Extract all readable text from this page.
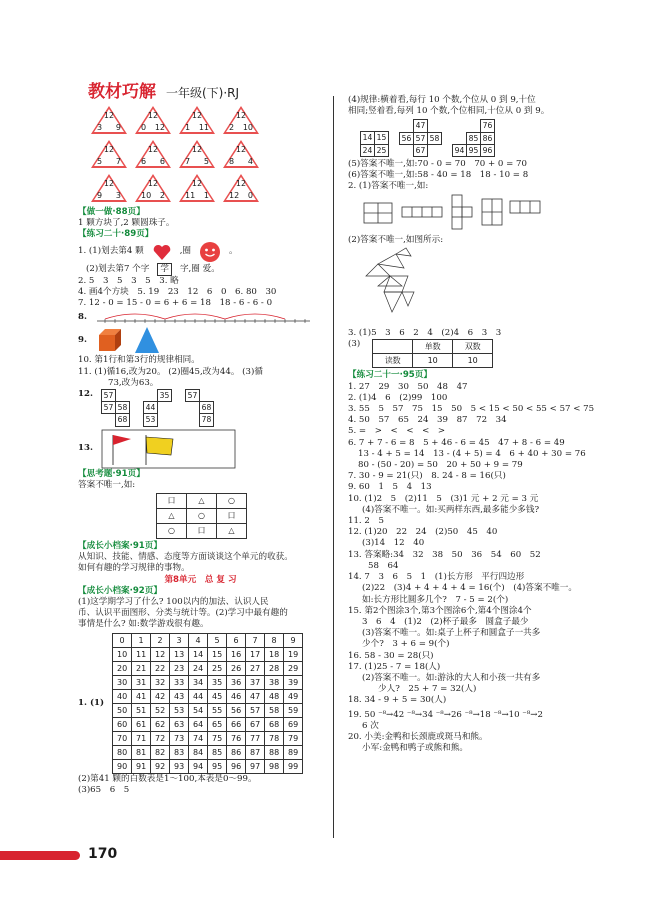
教材巧解 一年级(下)·RJ
12
3 9
12
0 12
12
1 11
12
2 10
12
5 7
12
6 6
12
7 5
12
8 4
12
9 3
12
10 2
12
11 1
12
12 0
【做一做·88页】
1 颗方块了,2 颗圆珠子。
【练习二十·89页】
1. (1)划去第4 颗	,圈	。
(2)划去第7 个字	学	字,圈 爱。
2. 5　3　5　3　5　3. 略
4. 画4个方块　5. 19　23　12　6　0　6. 80　30
7. 12 - 0 = 15 - 0 = 6 + 6 = 18　18 - 6 - 6 - 0
8.
9.
10. 第1行和第3行的规律相同。
11. (1)循16,改为20。 (2)圈45,改为44。 (3)循
73,改为63。
12. 57				35		57	
57	58		44				68
	68		53				78
13.
【思考题·91页】
答案不唯一,如:
口	△	○
△	○	口
○	口	△
【成长小档案·91页】
从知识、技能、情感、态度等方面谈谈这个单元的收获。
如何有趣的学习规律的事物。
第8单元　总 复 习
【成长小档案·92页】
(1)这学期学习了什么? 100以内的加法、认识人民
币、认识平面图形、分类与统计等。(2)学习中最有趣的
事情是什么? 如:数学游戏很有趣。
1. (1)
0	1	2	3	4	5	6	7	8	9
10	11	12	13	14	15	16	17	18	19
20	21	22	23	24	25	26	27	28	29
30	31	32	33	34	35	36	37	38	39
40	41	42	43	44	45	46	47	48	49
50	51	52	53	54	55	56	57	58	59
60	61	62	63	64	65	66	67	68	69
70	71	72	73	74	75	76	77	78	79
80	81	82	83	84	85	86	87	88	89
90	91	92	93	94	95	96	97	98	99
(2)第41 颗的白数表是1～100,本表是0～99。
(3)65　6　5
(4)规律:横着看,每行 10 个数,个位从 0 到 9,十位
相同;竖着看,每列 10 个数,个位相同,十位从 0 到 9。
14	15
24	25
	47	
56	57	58
	67	
		76
	85	86
94	95	96
(5)答案不唯一,如:70 - 0 = 70　70 + 0 = 70
(6)答案不唯一,如:58 - 40 = 18　18 - 10 = 8
2. (1)答案不唯一,如:
(2)答案不唯一,如图所示:
3. (1)5　3　6　2　4　(2)4　6　3　3
(3)
		单数	双数
读数	10	10
【练习二十一·95页】
1. 27　29　30　50　48　47
2. (1)4　6　(2)99　100
3. 55　5　57　75　15　50　5 < 15 < 50 < 55 < 57 < 75
4. 50　57　65　24　39　87　72　34
5. =　>　<　<　<　>
6. 7 + 7 - 6 = 8　5 + 46 - 6 = 45　47 + 8 - 6 = 49
13 - 4 + 5 = 14　13 - (4 + 5) = 4　6 + 40 + 30 = 76
80 - (50 - 20) = 50　20 + 50 + 9 = 79
7. 30 - 9 = 21(只)　8. 24 - 8 = 16(只)
9. 60　1　5　4　13
10. (1)2　5　(2)11　5　(3)1 元 + 2 元 = 3 元
(4)答案不唯一。如:买两样东西,最多能少多钱?
11. 2　5
12. (1)20　22　24　(2)50　45　40
(3)14　12　40
13. 答案略:34　32　38　50　36　54　60　52
58　64
14. 7　3　6　5　1　(1)长方形　平行四边形
(2)22　(3)4 + 4 + 4 + 4 = 16(个)　(4)答案不唯一。
如:长方形比圆多几个?　7 - 5 = 2(个)
15. 第2个图涂3个,第3个图涂6个,第4个图涂4个
3　6　4　(1)2　(2)杯子最多　圆盒子最少
(3)答案不唯一。如:桌子上杯子和圆盒子一共多
少个?　3 + 6 = 9(个)
16. 58 - 30 = 28(只)
17. (1)25 - 7 = 18(人)
(2)答案不唯一。如:游泳的大人和小孩一共有多
少人?　25 + 7 = 32(人)
18. 34 - 9 + 5 = 30(人)
19. 50 ⁻⁸→42 ⁻⁸→34 ⁻⁸→26 ⁻⁸→18 ⁻⁸→10 ⁻⁸→2
6 次
20. 小美:金鸭和长颈鹿或斑马和熊。
小军:金鸭和鸭子或熊和熊。
170
